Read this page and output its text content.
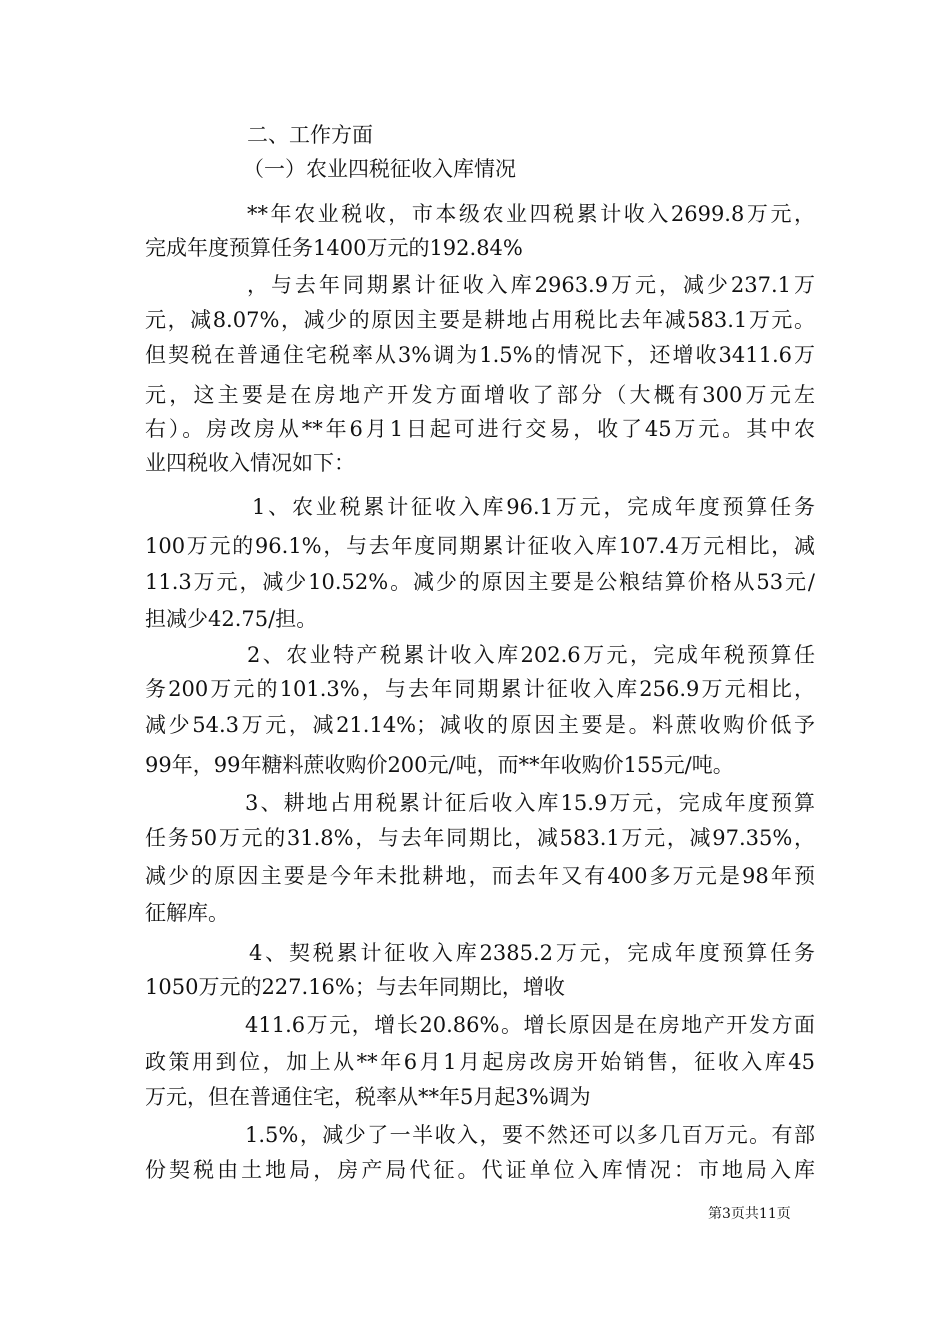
二、工作方面
（一）农业四税征收入库情况
**年农业税收，市本级农业四税累计收入2699.8万元，
完成年度预算任务1400万元的192.84%
，与去年同期累计征收入库2963.9万元，减少237.1万
元，减8.07%，减少的原因主要是耕地占用税比去年减583.1万元。
但契税在普通住宅税率从3%调为1.5%的情况下，还增收3411.6万
元，这主要是在房地产开发方面增收了部分（大概有300万元左
右）。房改房从**年6月1日起可进行交易，收了45万元。其中农
业四税收入情况如下：
1、农业税累计征收入库96.1万元，完成年度预算任务
100万元的96.1%，与去年度同期累计征收入库107.4万元相比，减
11.3万元，减少10.52%。减少的原因主要是公粮结算价格从53元/
担减少42.75/担。
2、农业特产税累计收入库202.6万元，完成年税预算任
务200万元的101.3%，与去年同期累计征收入库256.9万元相比，
减少54.3万元，减21.14%；减收的原因主要是。料蔗收购价低予
99年，99年糖料蔗收购价200元/吨，而**年收购价155元/吨。
3、耕地占用税累计征后收入库15.9万元，完成年度预算
任务50万元的31.8%，与去年同期比，减583.1万元，减97.35%，
减少的原因主要是今年未批耕地，而去年又有400多万元是98年预
征解库。
4、契税累计征收入库2385.2万元，完成年度预算任务
1050万元的227.16%；与去年同期比，增收
411.6万元，增长20.86%。增长原因是在房地产开发方面
政策用到位，加上从**年6月1月起房改房开始销售，征收入库45
万元，但在普通住宅，税率从**年5月起3%调为
1.5%，减少了一半收入，要不然还可以多几百万元。有部
份契税由土地局，房产局代征。代证单位入库情况：市地局入库
第3页共11页
